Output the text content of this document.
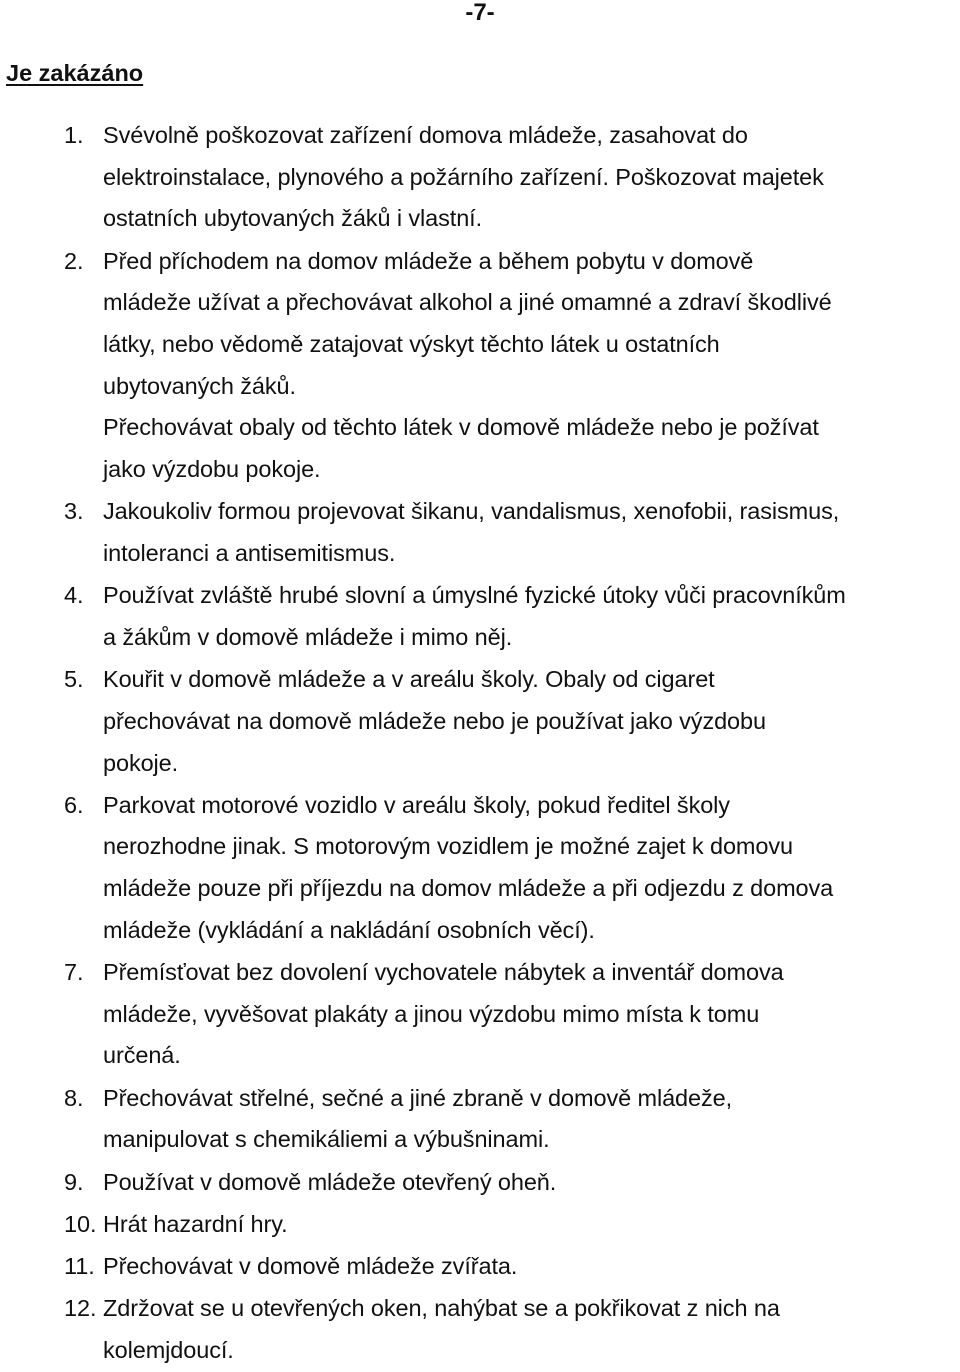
-7-
Je zakázáno
1. Svévolně poškozovat zařízení domova mládeže, zasahovat do
elektroinstalace, plynového a požárního zařízení. Poškozovat majetek
ostatních ubytovaných žáků i vlastní.
2. Před příchodem na domov mládeže a během pobytu v domově
mládeže užívat a přechovávat alkohol a jiné omamné a zdraví škodlivé
látky, nebo vědomě zatajovat výskyt těchto látek u ostatních
ubytovaných žáků.
Přechovávat obaly od těchto látek v domově mládeže nebo je požívat
jako výzdobu pokoje.
3. Jakoukoliv formou projevovat šikanu, vandalismus, xenofobii, rasismus,
intoleranci a antisemitismus.
4. Používat zvláště hrubé slovní a úmyslné fyzické útoky vůči pracovníkům
a žákům v domově mládeže i mimo něj.
5. Kouřit v domově mládeže a v areálu školy. Obaly od cigaret
přechovávat na domově mládeže nebo je používat jako výzdobu
pokoje.
6. Parkovat motorové vozidlo v areálu školy, pokud ředitel školy
nerozhodne jinak. S motorovým vozidlem je možné zajet k domovu
mládeže pouze při příjezdu na domov mládeže a při odjezdu z domova
mládeže (vykládání a nakládání osobních věcí).
7. Přemísťovat bez dovolení vychovatele nábytek a inventář domova
mládeže, vyvěšovat plakáty a jinou výzdobu mimo místa k tomu
určená.
8. Přechovávat střelné, sečné a jiné zbraně v domově mládeže,
manipulovat s chemikáliemi a výbušninami.
9. Používat v domově mládeže otevřený oheň.
10. Hrát hazardní hry.
11. Přechovávat v domově mládeže zvířata.
12. Zdržovat se u otevřených oken, nahýbat se a pokřikovat z nich na
kolemjdoucí.
